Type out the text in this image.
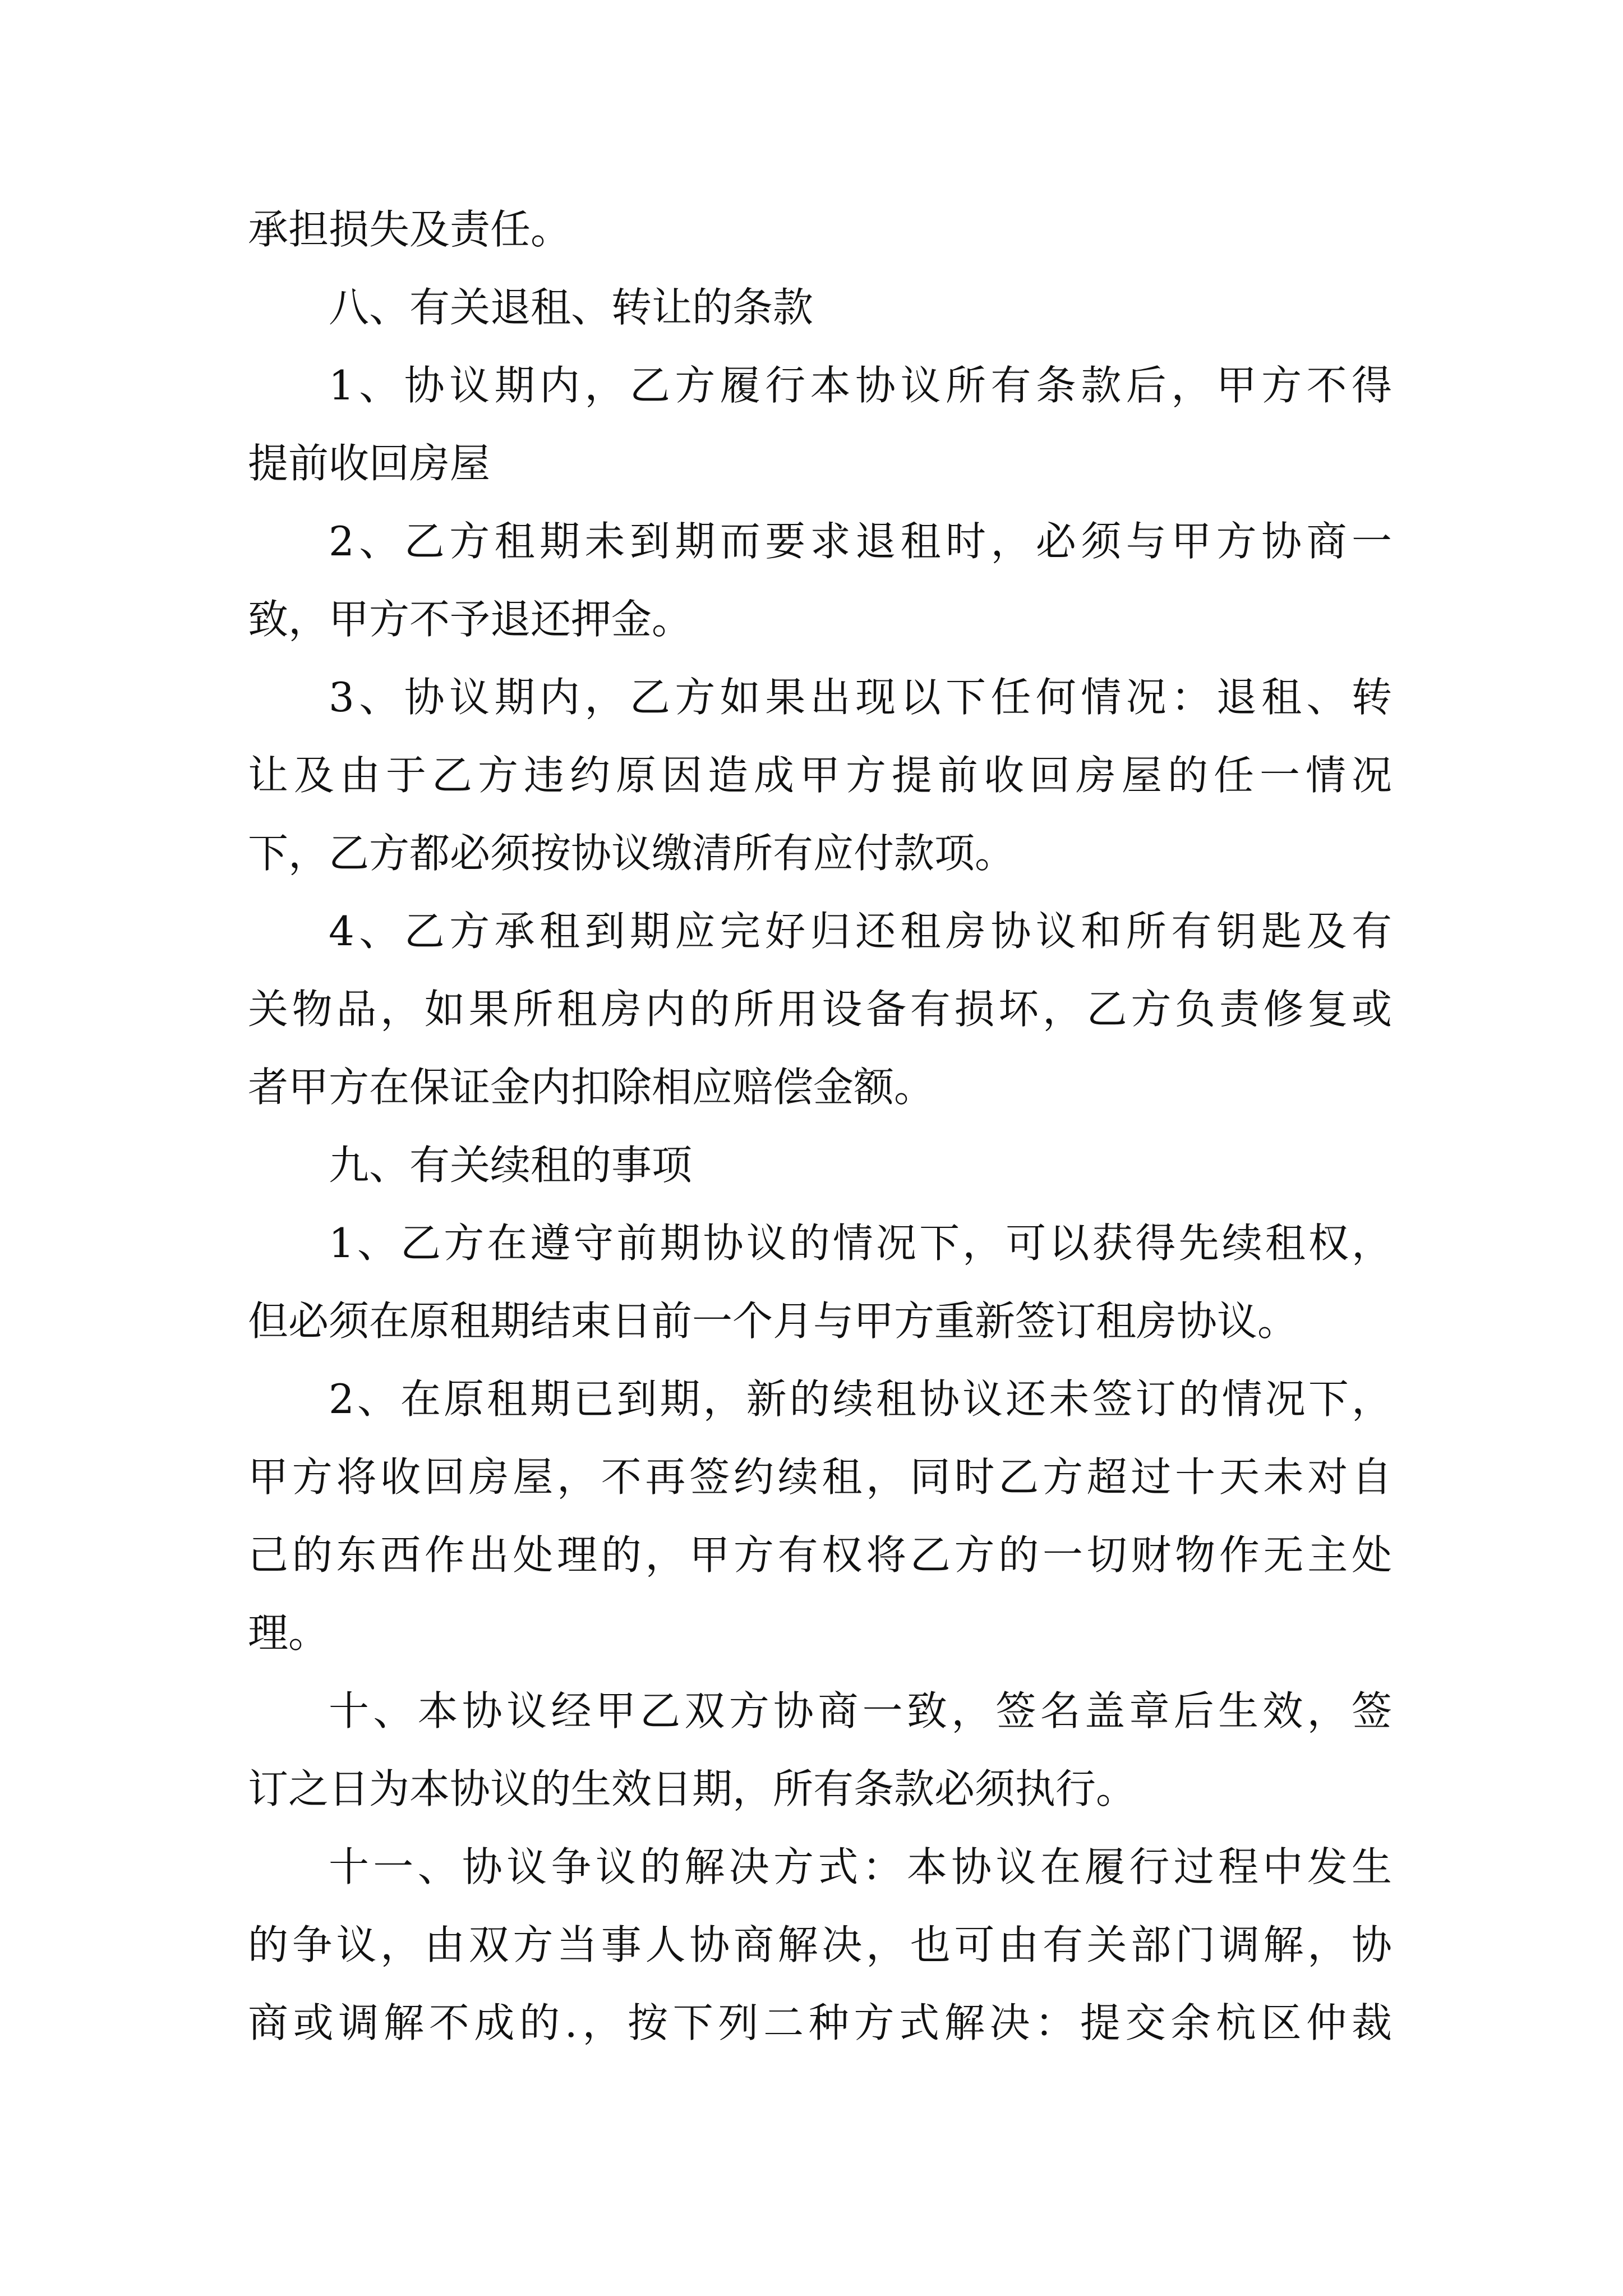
承担损失及责任。
八、有关退租、转让的条款
1、协议期内，乙方履行本协议所有条款后，甲方不得
提前收回房屋
2、乙方租期未到期而要求退租时，必须与甲方协商一
致，甲方不予退还押金。
3、协议期内，乙方如果出现以下任何情况：退租、转
让及由于乙方违约原因造成甲方提前收回房屋的任一情况
下，乙方都必须按协议缴清所有应付款项。
4、乙方承租到期应完好归还租房协议和所有钥匙及有
关物品，如果所租房内的所用设备有损坏，乙方负责修复或
者甲方在保证金内扣除相应赔偿金额。
九、有关续租的事项
1、乙方在遵守前期协议的情况下，可以获得先续租权，
但必须在原租期结束日前一个月与甲方重新签订租房协议。
2、在原租期已到期，新的续租协议还未签订的情况下，
甲方将收回房屋，不再签约续租，同时乙方超过十天未对自
己的东西作出处理的，甲方有权将乙方的一切财物作无主处
理。
十、本协议经甲乙双方协商一致，签名盖章后生效，签
订之日为本协议的生效日期，所有条款必须执行。
十一、协议争议的解决方式：本协议在履行过程中发生
的争议，由双方当事人协商解决，也可由有关部门调解，协
商或调解不成的.，按下列二种方式解决：提交余杭区仲裁
